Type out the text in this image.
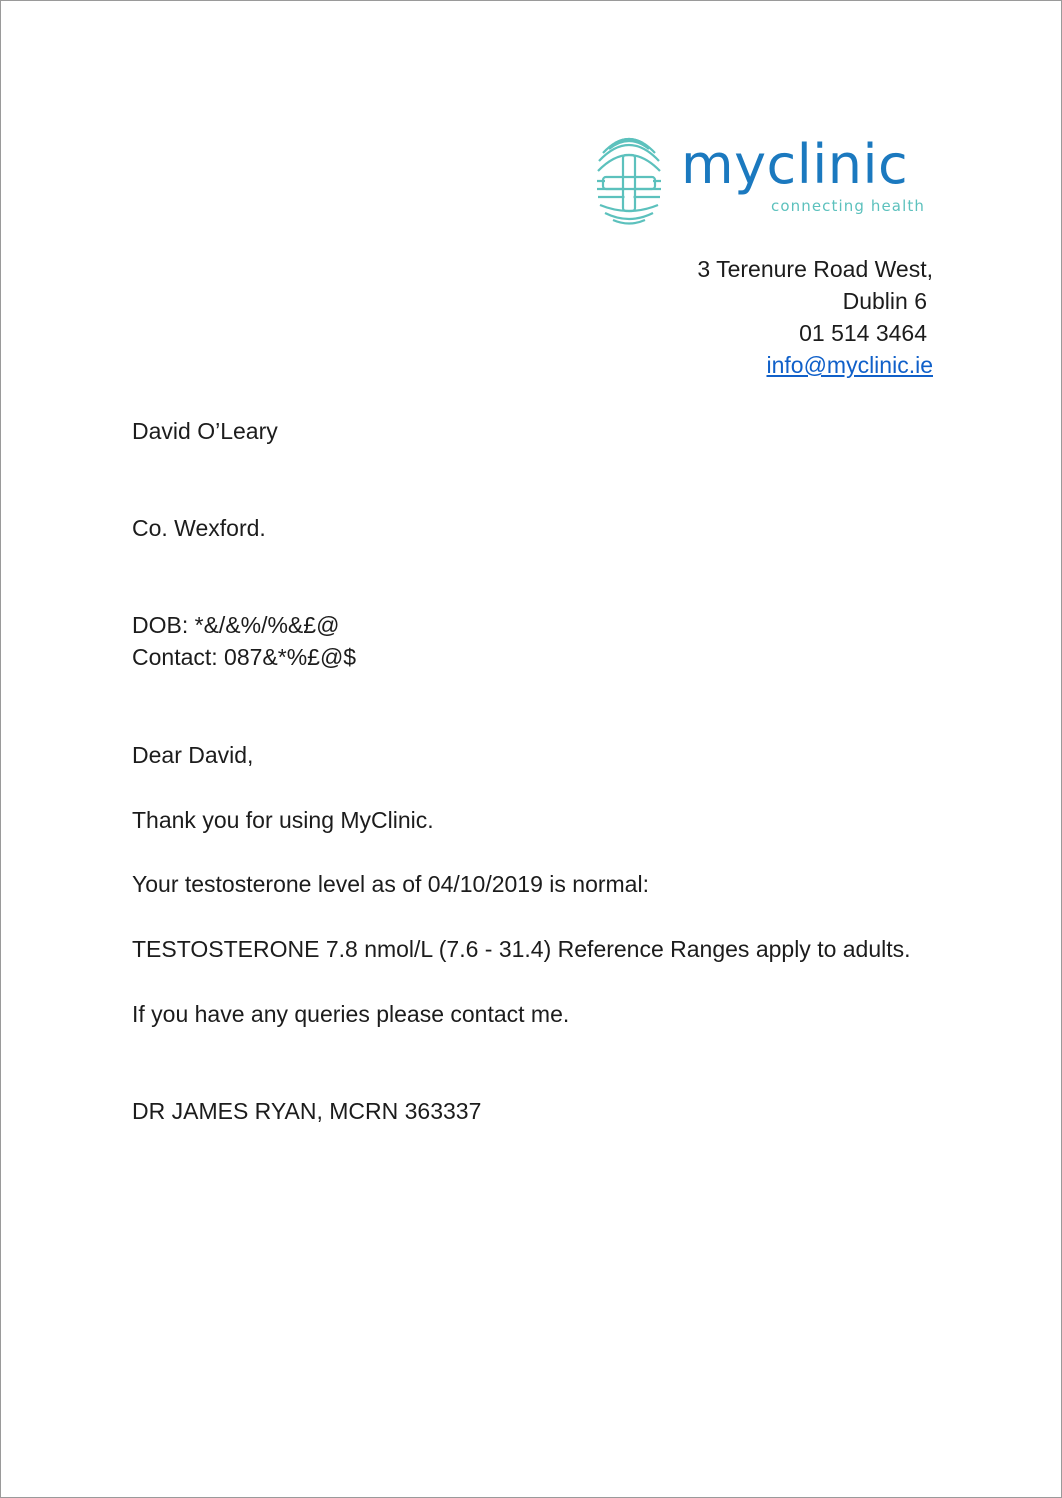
myclinic
connecting health
3 Terenure Road West,
Dublin 6
01 514 3464
info@myclinic.ie
David O’Leary
Co. Wexford.
DOB: *&/&%/%&£@
Contact: 087&*%£@$
Dear David,
Thank you for using MyClinic.
Your testosterone level as of 04/10/2019 is normal:
TESTOSTERONE 7.8 nmol/L (7.6 - 31.4) Reference Ranges apply to adults.
If you have any queries please contact me.
DR JAMES RYAN, MCRN 363337
